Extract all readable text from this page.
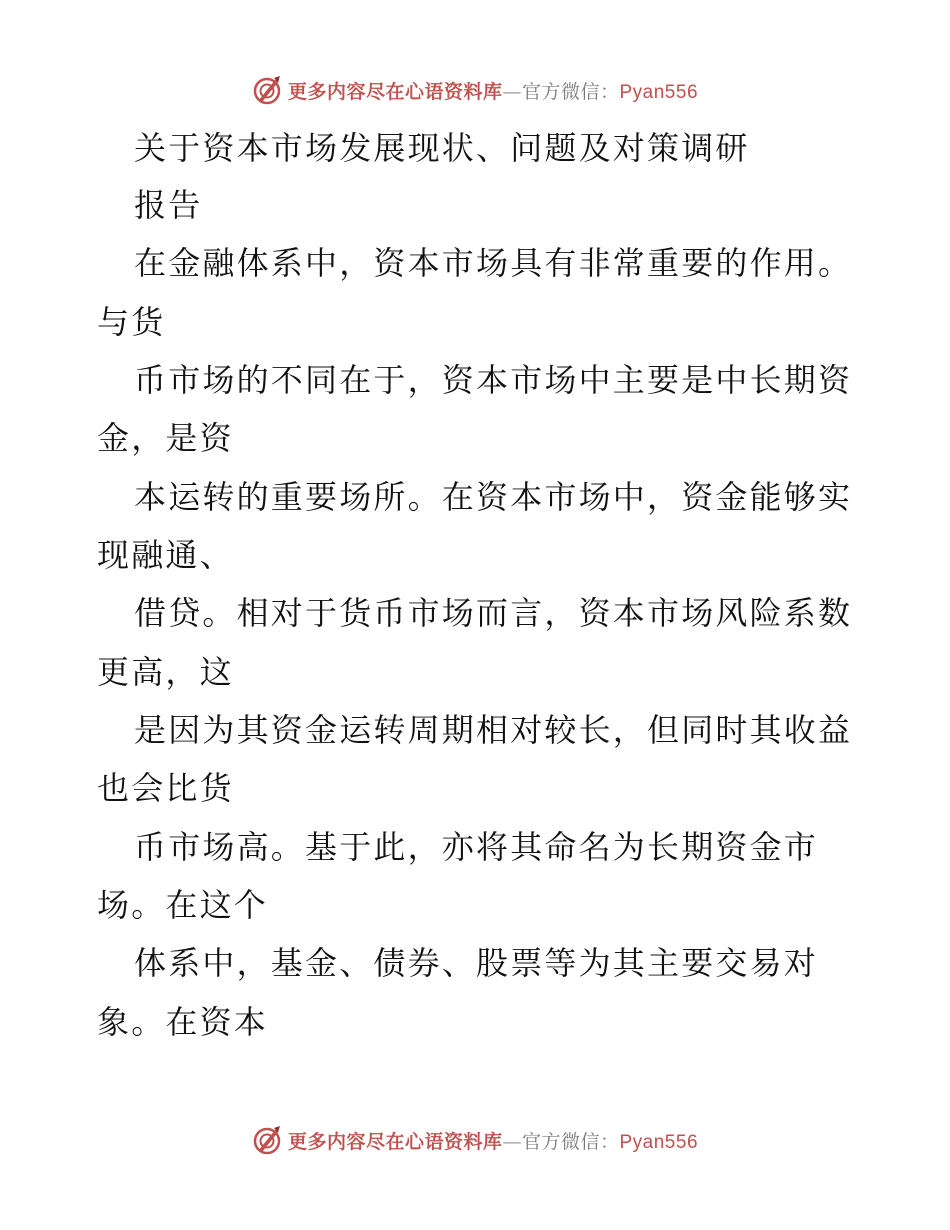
更多内容尽在心语资料库—官方微信：Pyan556
关于资本市场发展现状、问题及对策调研
报告
在金融体系中，资本市场具有非常重要的作用。
与货
币市场的不同在于，资本市场中主要是中长期资
金，是资
本运转的重要场所。在资本市场中，资金能够实
现融通、
借贷。相对于货币市场而言，资本市场风险系数
更高，这
是因为其资金运转周期相对较长，但同时其收益
也会比货
币市场高。基于此，亦将其命名为长期资金市
场。在这个
体系中，基金、债券、股票等为其主要交易对
象。在资本
更多内容尽在心语资料库—官方微信：Pyan556
